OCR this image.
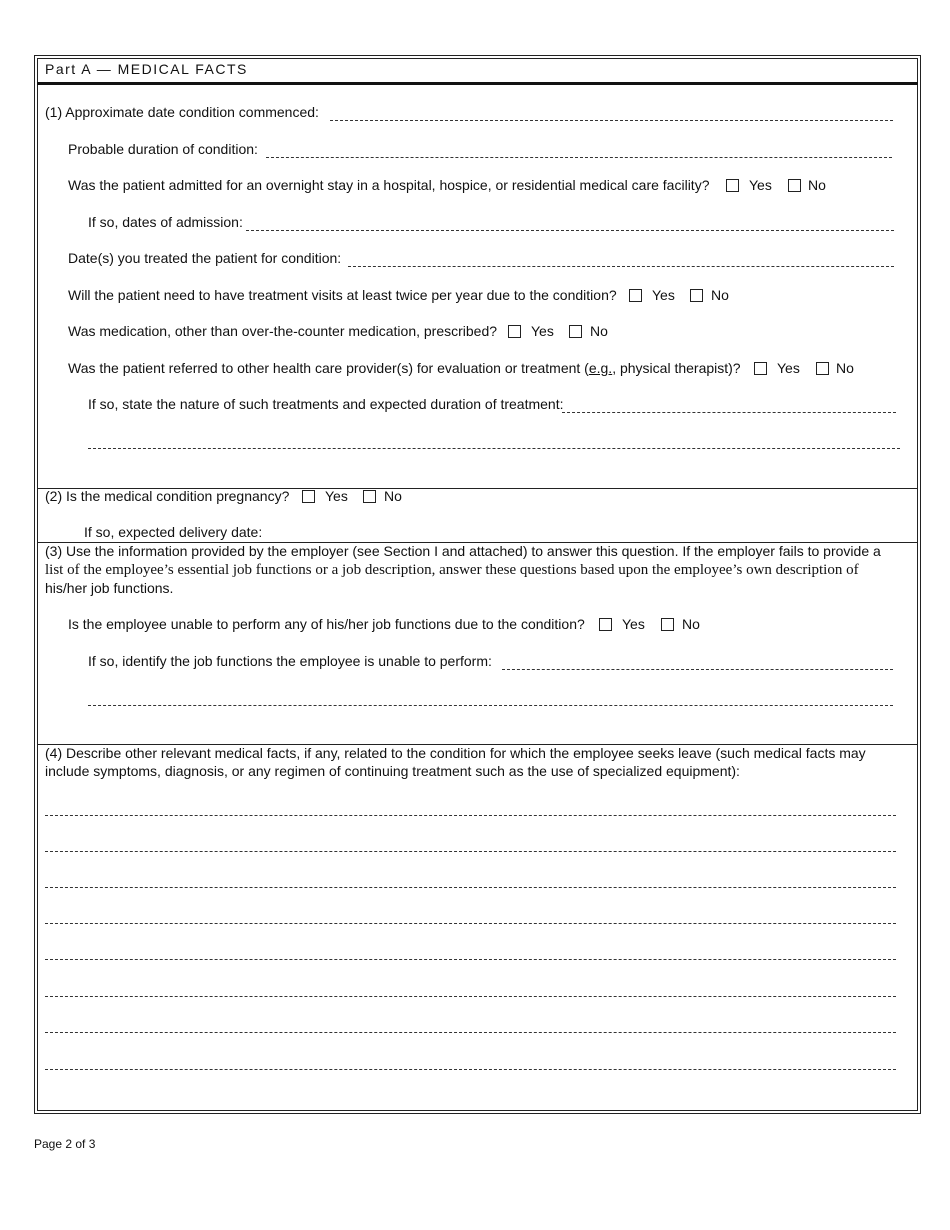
Part A — MEDICAL FACTS
(1) Approximate date condition commenced:
Probable duration of condition:
Was the patient admitted for an overnight stay in a hospital, hospice, or residential medical care facility?	Yes	No
If so, dates of admission:
Date(s) you treated the patient for condition:
Will the patient need to have treatment visits at least twice per year due to the condition?	Yes	No
Was medication, other than over-the-counter medication, prescribed? Yes	No
Was the patient referred to other health care provider(s) for evaluation or treatment (e.g., physical therapist)?	Yes	No
If so, state the nature of such treatments and expected duration of treatment:
(2) Is the medical condition pregnancy?	Yes	No
If so, expected delivery date:
(3) Use the information provided by the employer (see Section I and attached) to answer this question. If the employer fails to provide a
list of the employee’s essential job functions or a job description, answer these questions based upon the employee’s own description of
his/her job functions.
Is the employee unable to perform any of his/her job functions due to the condition?	Yes	No
If so, identify the job functions the employee is unable to perform:
(4) Describe other relevant medical facts, if any, related to the condition for which the employee seeks leave (such medical facts may
include symptoms, diagnosis, or any regimen of continuing treatment such as the use of specialized equipment):
Page 2 of 3
